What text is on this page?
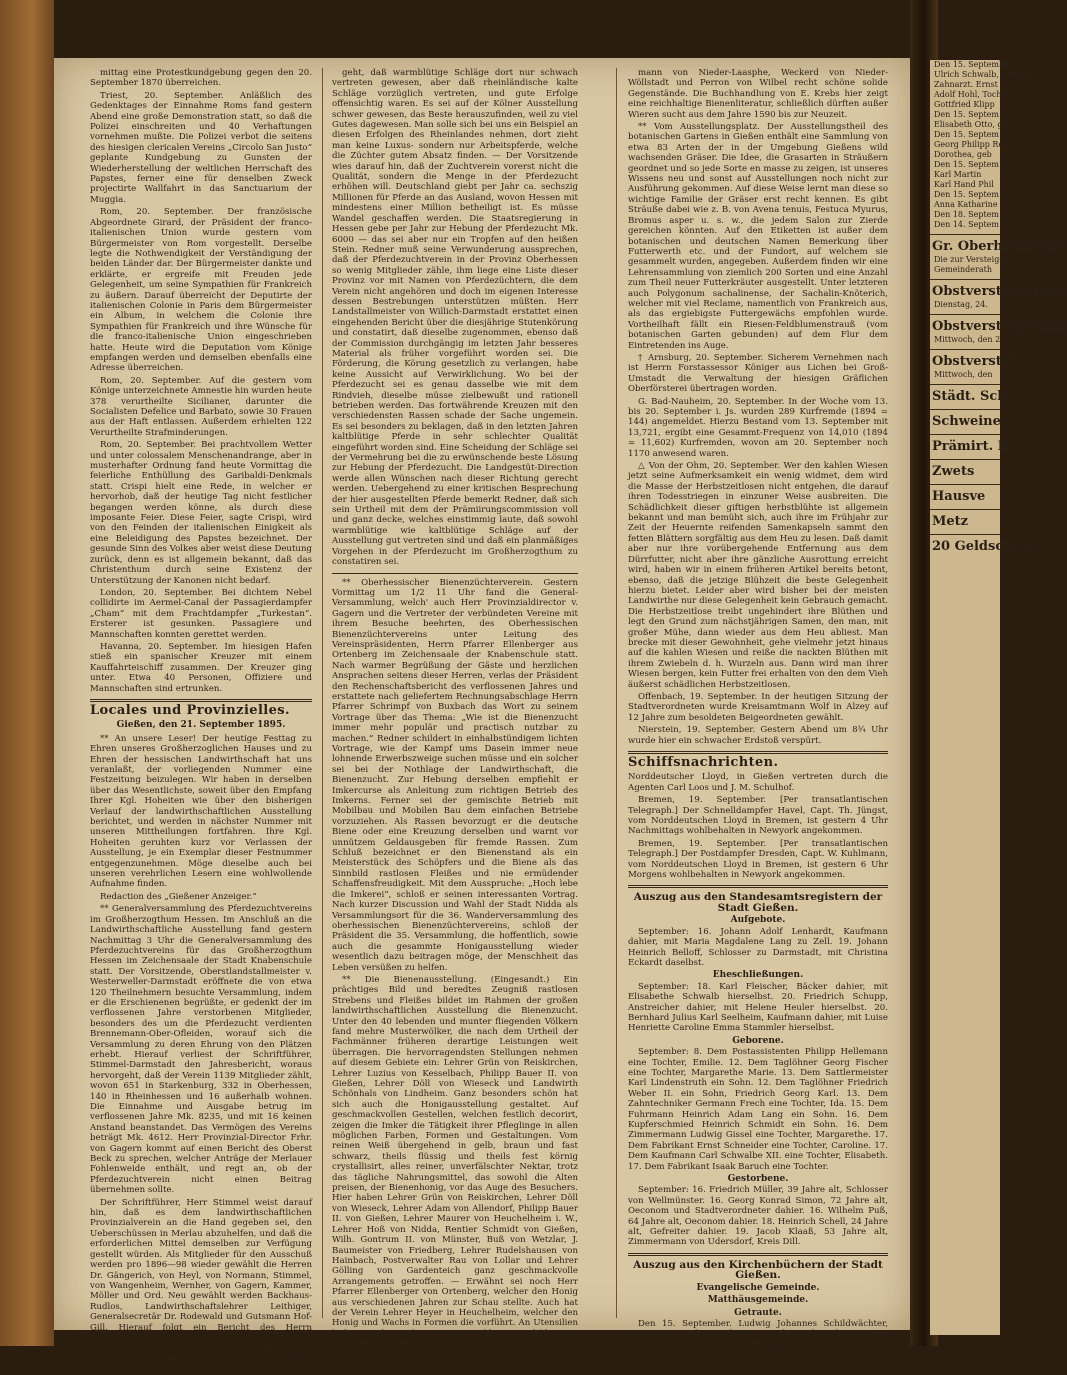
mittag eine Protestkundgebung gegen den 20. September 1870 überreichen.

Triest, 20. September. Anläßlich des Gedenktages der Einnahme Roms fand gestern Abend eine große Demonstration statt, so daß die Polizei einschreiten und 40 Verhaftungen vornehmen mußte. Die Polizei verbot die seitens des hiesigen clericalen Vereins „Circolo San Justo“ geplante Kundgebung zu Gunsten der Wiederherstellung der weltlichen Herrschaft des Papstes, ferner eine für denselben Zweck projectirte Wallfahrt in das Sanctuarium der Muggia.

Rom, 20. September. Der französische Abgeordnete Girard, der Präsident der franco-italienischen Union wurde gestern vom Bürgermeister von Rom vorgestellt. Derselbe legte die Nothwendigkeit der Verständigung der beiden Länder dar. Der Bürgermeister dankte und erklärte, er ergreife mit Freuden jede Gelegenheit, um seine Sympathien für Frankreich zu äußern. Darauf überreicht der Deputirte der italienischen Colonie in Paris dem Bürgermeister ein Album, in welchem die Colonie ihre Sympathien für Frankreich und ihre Wünsche für die franco-italienische Union eingeschrieben hatte. Heute wird die Deputation vom Könige empfangen werden und demselben ebenfalls eine Adresse überreichen.

Rom, 20. September. Auf die gestern vom Könige unterzeichnete Amnestie hin wurden heute 378 verurtheilte Sicilianer, darunter die Socialisten Defelice und Barbato, sowie 30 Frauen aus der Haft entlassen. Außerdem erhielten 122 Verurtheilte Strafminderungen.

Rom, 20. September. Bei prachtvollem Wetter und unter colossalem Menschenandrange, aber in musterhafter Ordnung fand heute Vormittag die feierliche Enthüllung des Garibaldi-Denkmals statt. Crispi hielt eine Rede, in welcher er hervorhob, daß der heutige Tag nicht festlicher begangen werden könne, als durch diese imposante Feier. Diese Feier, sagte Crispi, wird von den Feinden der italienischen Einigkeit als eine Beleidigung des Papstes bezeichnet. Der gesunde Sinn des Volkes aber weist diese Deutung zurück, denn es ist allgemein bekannt, daß das Christenthum durch seine Existenz der Unterstützung der Kanonen nicht bedarf.

London, 20. September. Bei dichtem Nebel collidirte im Aermel-Canal der Passagierdampfer „Cham“ mit dem Frachtdampfer „Turkestan“. Ersterer ist gesunken. Passagiere und Mannschaften konnten gerettet werden.

Havanna, 20. September. Im hiesigen Hafen stieß ein spanischer Kreuzer mit einem Kauffahrteischiff zusammen. Der Kreuzer ging unter. Etwa 40 Personen, Offiziere und Mannschaften sind ertrunken.

Locales und Provinzielles.
Gießen, den 21. September 1895.

** An unsere Leser! Der heutige Festtag zu Ehren unseres Großherzoglichen Hauses und zu Ehren der hessischen Landwirthschaft hat uns veranlaßt, der vorliegenden Nummer eine Festzeitung beizulegen. Wir haben in derselben über das Wesentlichste, soweit über den Empfang Ihrer Kgl. Hoheiten wie über den bisherigen Verlauf der landwirthschaftlichen Ausstellung berichtet, und werden in nächster Nummer mit unseren Mittheilungen fortfahren. Ihre Kgl. Hoheiten geruhten kurz vor Verlassen der Ausstellung, je ein Exemplar dieser Festnummer entgegenzunehmen. Möge dieselbe auch bei unseren verehrlichen Lesern eine wohlwollende Aufnahme finden.

Redaction des „Gießener Anzeiger.“

** Generalversammlung des Pferdezuchtvereins im Großherzogthum Hessen. Im Anschluß an die Landwirthschaftliche Ausstellung fand gestern Nachmittag 3 Uhr die Generalversammlung des Pferdezuchtvereins für das Großherzogthum Hessen im Zeichensaale der Stadt Knabenschule statt. Der Vorsitzende, Oberstlandstallmeister v. Westerweller-Darmstadt eröffnete die von etwa 120 Theilnehmern besuchte Versammlung, indem er die Erschienenen begrüßte, er gedenkt der im verflossenen Jahre verstorbenen Mitglieder, besonders des um die Pferdezucht verdienten Brennemann-Ober-Ofleiden, worauf sich die Versammlung zu deren Ehrung von den Plätzen erhebt. Hierauf verliest der Schriftführer, Stimmel-Darmstadt den Jahresbericht, woraus hervorgeht, daß der Verein 1139 Mitglieder zählt, wovon 651 in Starkenburg, 332 in Oberhessen, 140 in Rheinhessen und 16 außerhalb wohnen. Die Einnahme und Ausgabe betrug im verflossenen Jahre Mk. 8235, und mit 16 keinen Anstand beanstandet. Das Vermögen des Vereins beträgt Mk. 4612. Herr Provinzial-Director Frhr. von Gagern kommt auf einen Bericht des Oberst Beck zu sprechen, welcher Anträge der Merlauer Fohlenweide enthält, und regt an, ob der Pferdezuchtverein nicht einen Beitrag übernehmen sollte.

Der Schriftführer, Herr Stimmel weist darauf hin, daß es dem landwirthschaftlichen Provinzialverein an die Hand gegeben sei, den Ueberschüssen in Merlau abzuhelfen, und daß die erforderlichen Mittel demselben zur Verfügung gestellt würden. Als Mitglieder für den Ausschuß werden pro 1896—98 wieder gewählt die Herren Dr. Gängerich, von Heyl, von Normann, Stimmel, von Wangenheim, Wernher, von Gagern, Kammer, Möller und Ord. Neu gewählt werden Backhaus-Rudlos, Landwirthschaftslehrer Leithiger, Generalsecretär Dr. Rodewald und Gutsmann Hof-Gill. Hierauf folgt ein Bericht des Herrn Dettweiler-Wintersheim über die Pferdeausstellung der deutschen Landwirthschaftsgesellschaft in Köln, woraus hervor-

geht, daß warmblütige Schläge dort nur schwach vertreten gewesen, aber daß rheinländische kalte Schläge vorzüglich vertreten, und gute Erfolge offensichtig waren. Es sei auf der Kölner Ausstellung schwer gewesen, das Beste herauszufinden, weil zu viel Gutes dagewesen. Man solle sich bei uns ein Beispiel an diesen Erfolgen des Rheinlandes nehmen, dort zieht man keine Luxus- sondern nur Arbeitspferde, welche die Züchter gutem Absatz finden. — Der Vorsitzende wies darauf hin, daß der Zuchtverein vorerst nicht die Qualität, sondern die Menge in der Pferdezucht erhöhen will. Deutschland giebt per Jahr ca. sechszig Millionen für Pferde an das Ausland, wovon Hessen mit mindestens einer Million betheiligt ist. Es müsse Wandel geschaffen werden. Die Staatsregierung in Hessen gebe per Jahr zur Hebung der Pferdezucht Mk. 6000 — das sei aber nur ein Tropfen auf den heißen Stein. Redner muß seine Verwunderung aussprechen, daß der Pferdezuchtverein in der Provinz Oberhessen so wenig Mitglieder zähle, ihm liege eine Liste dieser Provinz vor mit Namen von Pferdezüchtern, die dem Verein nicht angehören und doch im eigenen Interesse dessen Bestrebungen unterstützen müßten. Herr Landstallmeister von Willich-Darmstadt erstattet einen eingehenden Bericht über die diesjährige Stutenkörung und constatirt, daß dieselbe zugenommen, ebenso daß der Commission durchgängig im letzten Jahr besseres Material als früher vorgeführt worden sei. Die Förderung, die Körung gesetzlich zu verlangen, habe keine Aussicht auf Verwirklichung. Wo bei der Pferdezucht sei es genau dasselbe wie mit dem Rindvieh, dieselbe müsse zielbewußt und rationell betrieben werden. Das fortwährende Kreuzen mit den verschiedensten Rassen schade der Sache ungemein. Es sei besonders zu beklagen, daß in den letzten Jahren kaltblütige Pferde in sehr schlechter Qualität eingeführt worden sind. Eine Scheidung der Schläge sei der Vermehrung bei die zu erwünschende beste Lösung zur Hebung der Pferdezucht. Die Landgestüt-Direction werde allen Wünschen nach dieser Richtung gerecht werden. Uebergehend zu einer kritischen Besprechung der hier ausgestellten Pferde bemerkt Redner, daß sich sein Urtheil mit dem der Prämiirungscommission voll und ganz decke, welches einstimmig laute, daß sowohl warmblütige wie kaltblütige Schläge auf der Ausstellung gut vertreten sind und daß ein planmäßiges Vorgehen in der Pferdezucht im Großherzogthum zu constatiren sei.

** Oberhessischer Bienenzüchterverein. Gestern Vormittag um 1/2 11 Uhr fand die General-Versammlung, welch' auch Herr Provinzialdirector v. Gagern und die Vertreter der verbündeten Vereine mit ihrem Besuche beehrten, des Oberhessischen Bienenzüchtervereins unter Leitung des Vereinspräsidenten, Herrn Pfarrer Ellenberger aus Ortenberg im Zeichensaale der Knabenschule statt. Nach warmer Begrüßung der Gäste und herzlichen Ansprachen seitens dieser Herren, verlas der Präsident den Rechenschaftsbericht des verflossenen Jahres und erstattete nach geliefertem Rechnungsabschlage Herrn Pfarrer Schrimpf von Buxbach das Wort zu seinem Vortrage über das Thema: „Wie ist die Bienenzucht immer mehr populär und practisch nutzbar zu machen.“ Redner schildert in einhalbstündigem lichten Vortrage, wie der Kampf ums Dasein immer neue lohnende Erwerbszweige suchen müsse und ein solcher sei bei der Nothlage der Landwirthschaft, die Bienenzucht. Zur Hebung derselben empfiehlt er Imkercurse als Anleitung zum richtigen Betrieb des Imkerns. Ferner sei der gemischte Betrieb mit Mobilbau und Mobilen Bau dem einfachen Betriebe vorzuziehen. Als Rassen bevorzugt er die deutsche Biene oder eine Kreuzung derselben und warnt vor unnützem Geldausgeben für fremde Rassen. Zum Schluß bezeichnet er den Bienenstand als ein Meisterstück des Schöpfers und die Biene als das Sinnbild rastlosen Fleißes und nie ermüdender Schaffensfreudigkeit. Mit dem Ausspruche: „Hoch lebe die Imkerei“, schloß er seinen interessanten Vortrag. Nach kurzer Discussion und Wahl der Stadt Nidda als Versammlungsort für die 36. Wanderversammlung des oberhessischen Bienenzüchtervereins, schloß der Präsident die 35. Versammlung, die hoffentlich, sowie auch die gesammte Honigausstellung wieder wesentlich dazu beitragen möge, der Menschheit das Leben versüßen zu helfen.

** Die Bienenausstellung. (Eingesandt.) Ein prächtiges Bild und beredtes Zeugniß rastlosen Strebens und Fleißes bildet im Rahmen der großen landwirthschaftlichen Ausstellung die Bienenzucht. Unter den 40 lebenden und munter fliegenden Völkern fand mehre Musterwölker, die nach dem Urtheil der Fachmänner früheren derartige Leistungen weit überragen. Die hervorragendsten Stellungen nehmen auf diesem Gebiete ein: Lehrer Grün von Reiskirchen, Lehrer Luzius von Kesselbach, Philipp Bauer II. von Gießen, Lehrer Döll von Wieseck und Landwirth Schönhals von Lindheim. Ganz besonders schön hat sich auch die Honigausstellung gestaltet. Auf geschmackvollen Gestellen, welchen festlich decorirt, zeigen die Imker die Tätigkeit ihrer Pfleglinge in allen möglichen Farben, Formen und Gestaltungen. Vom reinen Weiß übergehend in gelb, braun und fast schwarz, theils flüssig und theils fest körnig crystallisirt, alles reiner, unverfälschter Nektar, trotz das tägliche Nahrungsmittel, das sowohl die Alten preisen, der Bienenhonig, vor das Auge des Besuchers. Hier haben Lehrer Grün von Reiskirchen, Lehrer Döll von Wieseck, Lehrer Adam von Allendorf, Philipp Bauer II. von Gießen, Lehrer Maurer von Heuchelheim i. W., Lehrer Hoß von Nidda, Rentier Schmidt von Gießen, Wilh. Gontrum II. von Münster, Buß von Wetzlar, J. Baumeister von Friedberg, Lehrer Rudelshausen von Hainbach, Postverwalter Rau von Lollar und Lehrer Gölling von Gardenteich ganz geschmackvolle Arrangements getroffen. — Erwähnt sei noch Herr Pfarrer Ellenberger von Ortenberg, welcher den Honig aus verschiedenen Jahren zur Schau stellte. Auch hat der Verein Lehrer Heyer in Heuchelheim, welcher den Honig und Wachs in Formen die vorführt. An Utensilien liefert Hrch. Keck Ww. von Nidda, G. Schäfer von Friedberg, Schmidt von Großen-Buseck, Zimmer-

mann von Nieder-Laasphe, Weckerd von Nieder-Wöllstadt und Perron von Wilbel recht schöne solide Gegenstände. Die Buchhandlung von E. Krebs hier zeigt eine reichhaltige Bienenliteratur, schließlich dürften außer Wieren sucht aus dem Jahre 1590 bis zur Neuzeit.

** Vom Ausstellungsplatz. Der Ausstellungstheil des botanischen Gartens in Gießen enthält eine Sammlung von etwa 83 Arten der in der Umgebung Gießens wild wachsenden Gräser. Die Idee, die Grasarten in Sträußern geordnet und so jede Sorte en masse zu zeigen, ist unseres Wissens neu und sonst auf Ausstellungen noch nicht zur Ausführung gekommen. Auf diese Weise lernt man diese so wichtige Familie der Gräser erst recht kennen. Es gibt Sträuße dabei wie z. B. von Avena tenuis, Festuca Myurus, Bromus asper u. s. w., die jedem Salon zur Zierde gereichen könnten. Auf den Etiketten ist außer dem botanischen und deutschen Namen Bemerkung über Futterwerth etc. und der Fundort, auf welchem sie gesammelt wurden, angegeben. Außerdem finden wir eine Lehrensammlung von ziemlich 200 Sorten und eine Anzahl zum Theil neuer Futterkräuter ausgestellt. Unter letzteren auch Polygonum sachalinense, der Sachalin-Knöterich, welcher mit viel Reclame, namentlich von Frankreich aus, als das ergiebigste Futtergewächs empfohlen wurde. Vortheilhaft fällt ein Riesen-Feldblumenstrauß (vom botanischen Garten gebunden) auf dem Flur dem Eintretenden ins Auge.

† Arnsburg, 20. September. Sicherem Vernehmen nach ist Herrn Forstassessor Königer aus Lichen bei Groß-Umstadt die Verwaltung der hiesigen Gräflichen Oberförsterei übertragen worden.

G. Bad-Nauheim, 20. September. In der Woche vom 13. bis 20. September i. Js. wurden 289 Kurfremde (1894 = 144) angemeldet. Hierzu Bestand vom 13. September mit 13,721, ergibt eine Gesammt-Frequenz von 14,010 (1894 = 11,602) Kurfremden, wovon am 20. September noch 1170 anwesend waren.

△ Von der Ohm, 20. September. Wer den kahlen Wiesen jetzt seine Aufmerksamkeit ein wenig widmet, dem wird die Masse der Herbstzeitlosen nicht entgehen, die darauf ihren Todesstriegen in einzuner Weise ausbreiten. Die Schädlichkeit dieser giftigen herbstblühte ist allgemein bekannt und man bemüht sich, auch ihre im Frühjahr zur Zeit der Heuernte reifenden Samenkapseln sammt den fetten Blättern sorgfältig aus dem Heu zu lesen. Daß damit aber nur ihre vorübergehende Entfernung aus dem Dürrfutter, nicht aber ihre gänzliche Ausrottung erreicht wird, haben wir in einem früheren Artikel bereits betont, ebenso, daß die jetzige Blühzeit die beste Gelegenheit hierzu bietet. Leider aber wird bisher bei der meisten Landwirthe nur diese Gelegenheit kein Gebrauch gemacht. Die Herbstzeitlose treibt ungehindert ihre Blüthen und legt den Grund zum nächstjährigen Samen, den man, mit großer Mühe, dann wieder aus dem Heu abliest. Man brecke mit dieser Gewohnheit, gehe vielmehr jetzt hinaus auf die kahlen Wiesen und reiße die nackten Blüthen mit ihrem Zwiebeln d. h. Wurzeln aus. Dann wird man ihrer Wiesen bergen, kein Futter frei erhalten von den dem Vieh äußerst schädlichen Herbstzeitlosen.

Offenbach, 19. September. In der heutigen Sitzung der Stadtverordneten wurde Kreisamtmann Wolf in Alzey auf 12 Jahre zum besoldeten Beigeordneten gewählt.

Nierstein, 19. September. Gestern Abend um 8¾ Uhr wurde hier ein schwacher Erdstoß verspürt.

Schiffsnachrichten.

Norddeutscher Lloyd, in Gießen vertreten durch die Agenten Carl Loos und J. M. Schulhof.

Bremen, 19. September. [Per transatlantischen Telegraph.] Der Schnelldampfer Havel, Capt. Th. Jüngst, vom Norddeutschen Lloyd in Bremen, ist gestern 4 Uhr Nachmittags wohlbehalten in Newyork angekommen.

Bremen, 19. September. [Per transatlantischen Telegraph.] Der Postdampfer Dresden, Capt. W. Kuhlmann, vom Norddeutschen Lloyd in Bremen, ist gestern 6 Uhr Morgens wohlbehalten in Newyork angekommen.

Auszug aus den Standesamtsregistern der Stadt Gießen.
Aufgebote.

September: 16. Johann Adolf Lenhardt, Kaufmann dahier, mit Maria Magdalene Lang zu Zell. 19. Johann Heinrich Belloff, Schlosser zu Darmstadt, mit Christina Eckardt daselbst.

Eheschließungen.

September: 18. Karl Fleischer, Bäcker dahier, mit Elisabethe Schwalb hierselbst. 20. Friedrich Schupp, Anstreicher dahier, mit Helene Heuler hierselbst. 20. Bernhard Julius Karl Seelheim, Kaufmann dahier, mit Luise Henriette Caroline Emma Stammler hierselbst.

Geborene.

September: 8. Dem Postassistenten Philipp Hellemann eine Tochter, Emilie. 12. Dem Taglöhner Georg Fischer eine Tochter, Margarethe Marie. 13. Dem Sattlermeister Karl Lindenstruth ein Sohn. 12. Dem Taglöhner Friedrich Weber II. ein Sohn, Friedrich Georg Karl. 13. Dem Zahntechniker Germann Frech eine Tochter, Ida. 15. Dem Fuhrmann Heinrich Adam Lang ein Sohn. 16. Dem Kupferschmied Heinrich Schmidt ein Sohn. 16. Dem Zimmermann Ludwig Gissel eine Tochter, Margarethe. 17. Dem Fabrikant Ernst Schneider eine Tochter, Caroline. 17. Dem Kaufmann Carl Schwalbe XII. eine Tochter, Elisabeth. 17. Dem Fabrikant Isaak Baruch eine Tochter.

Gestorbene.

September: 16. Friedrich Müller, 39 Jahre alt, Schlosser von Wellmünster. 16. Georg Konrad Simon, 72 Jahre alt, Oeconom und Stadtverordneter dahier. 16. Wilhelm Puß, 64 Jahre alt, Oeconom dahier. 18. Heinrich Schell, 24 Jahre alt, Gefreiter dahier. 19. Jacob Klaaß, 53 Jahre alt, Zimmermann von Udersdorf, Kreis Dill.

Auszug aus den Kirchenbüchern der Stadt Gießen.
Evangelische Gemeinde.
Matthäusgemeinde.
Getraute.

Den 15. September. Ludwig Johannes Schildwächter, Metzger in Gießen, und Marie Jacobi, Tochter des Maurers Heinrich Jacobi V. zu Allendorf bei Battenfeld.

Den 15. September,
Ulrich Schwalb, Tochter
Zahnarzt. Ernst
Adolf Hohl, Tochter
Gottfried Klipp
Den 15. Septem
Elisabeth Otto, ge
Den 15. Septem
Georg Philipp Re
Dorothea, geb
Den 15. Septem
Karl Martin
Karl Hand Phil
Den 15. Septem
Anna Katharine
Den 18. Septem
Den 14. Septem
Gr. Oberhessische
Die zur Versteige
Gemeinderath
Obstversteigerung
Dienstag, 24.
Obstversteigerung
Mittwoch, den 2
Obstverstei
Mittwoch, den
Städt. Sch
Schweine
Prämirt. Bi
Zwets
Hausve
Metz
20 Geldschrä
